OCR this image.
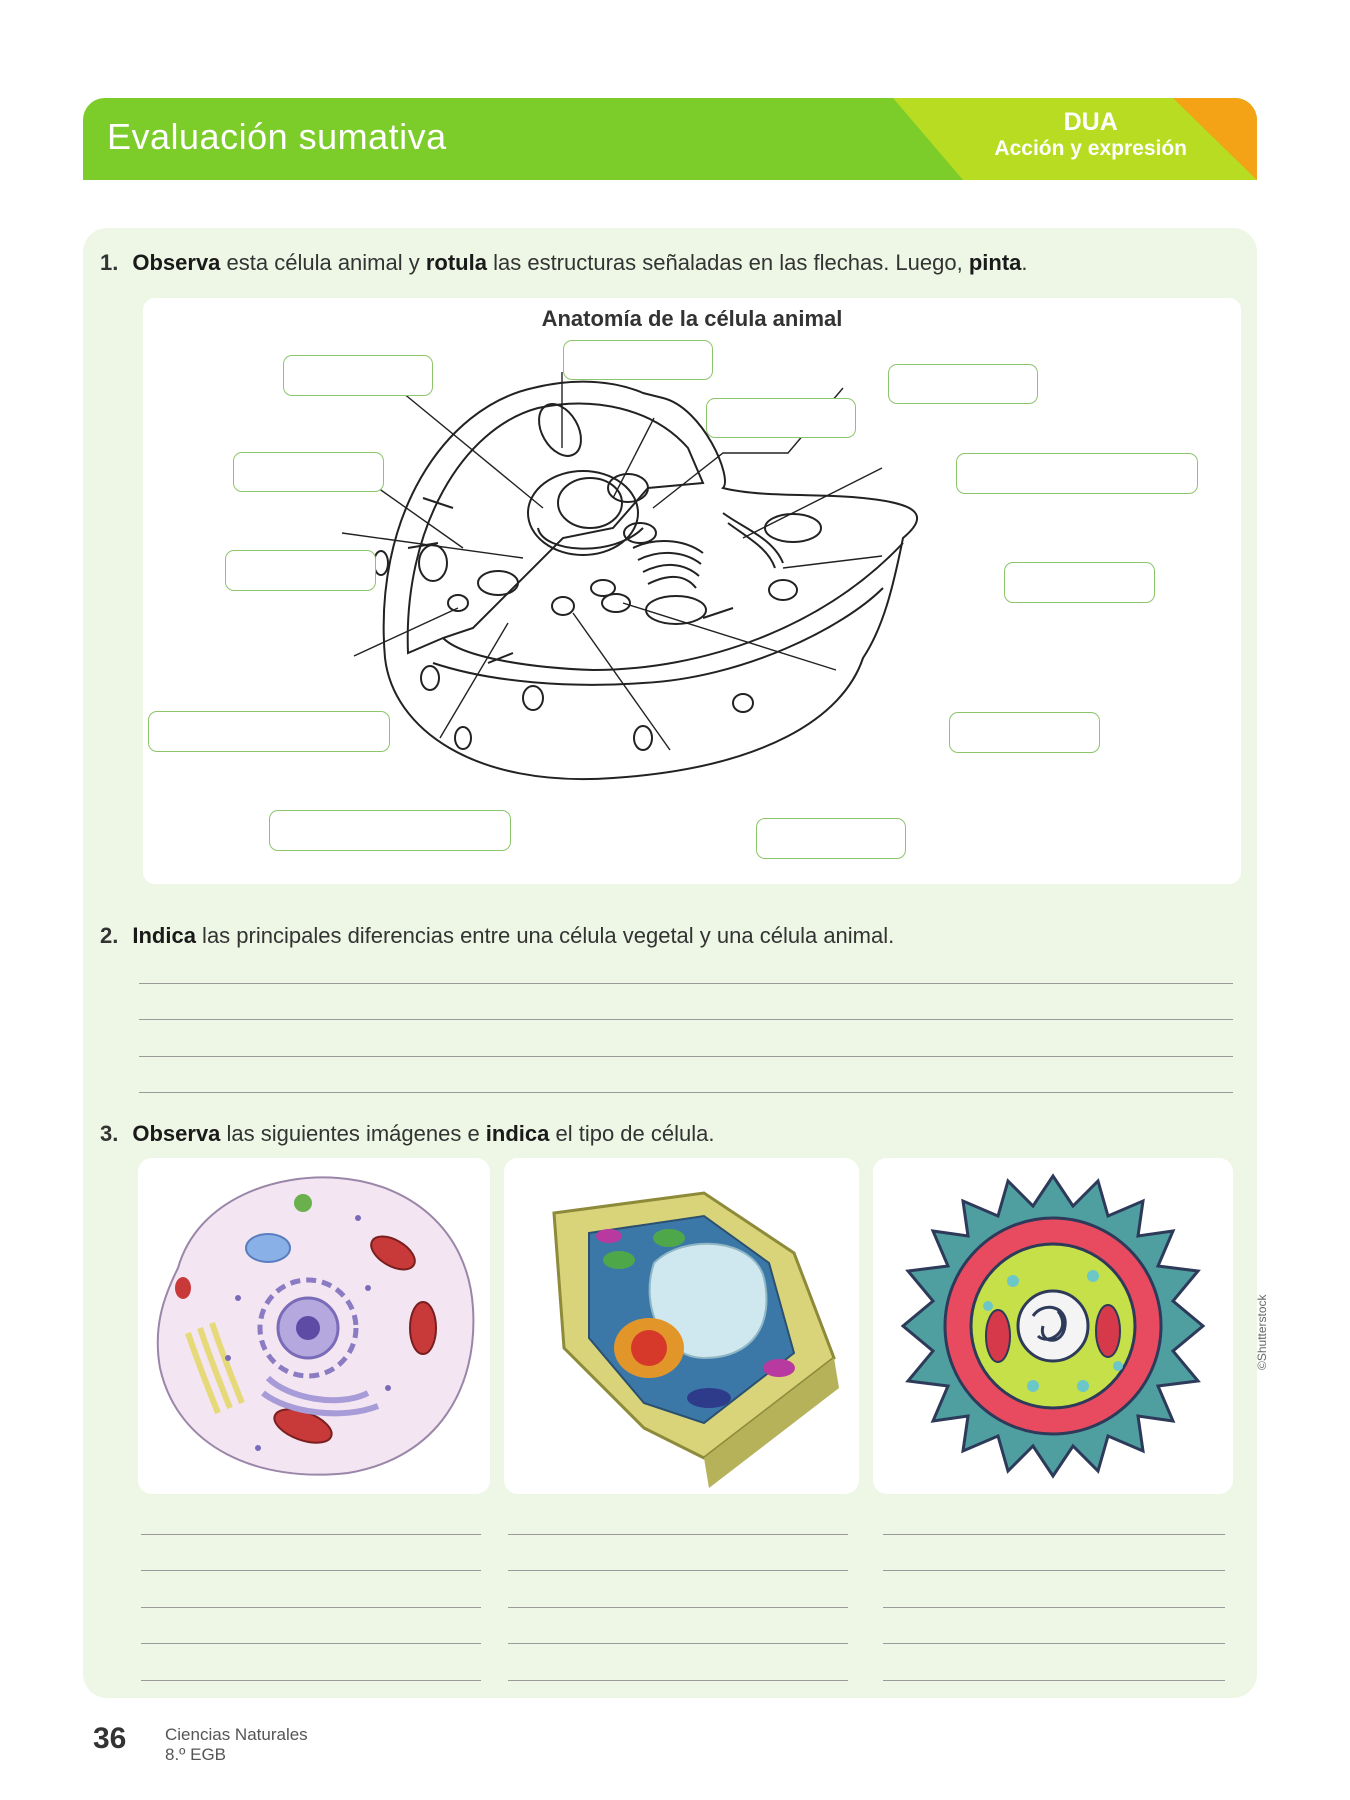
Evaluación sumativa	DUA
Acción y expresión
1. Observa esta célula animal y rotula las estructuras señaladas en las flechas. Luego, pinta.
Anatomía de la célula animal
2. Indica las principales diferencias entre una célula vegetal y una célula animal.
3. Observa las siguientes imágenes e indica el tipo de célula.
©Shutterstock
36 Ciencias Naturales
8.º EGB
